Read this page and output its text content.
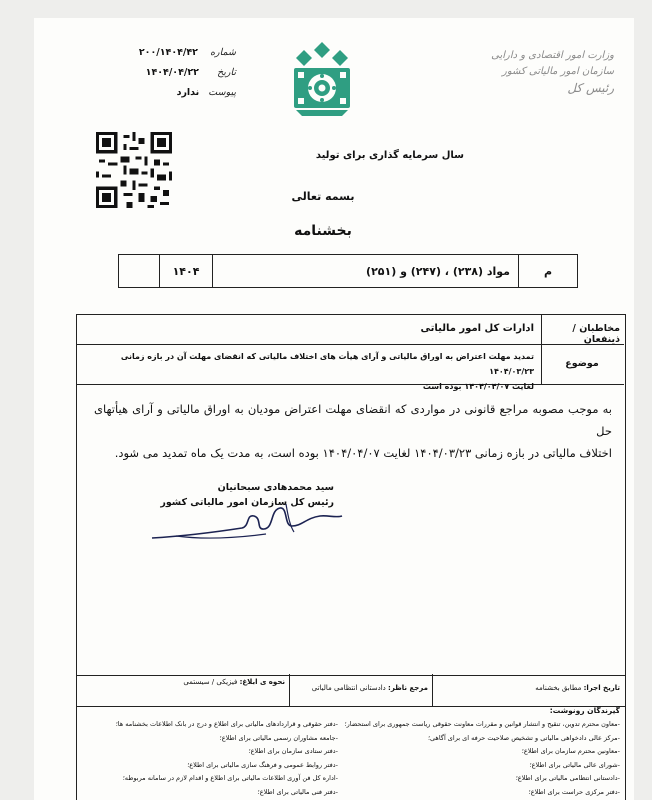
شماره    ۲۰۰/۱۴۰۴/۴۲
تاریخ      ۱۴۰۴/۰۴/۲۲
پیوست   ندارد
وزارت امور اقتصادی و دارایی
سازمان امور مالیاتی کشور
رئیس کل
سال سرمایه گذاری برای تولید
بسمه تعالی
بخشنامه
	۱۴۰۴	مواد (۲۳۸) ، (۲۴۷) و (۲۵۱)	م
مخاطبان / ذینفعان
ادارات کل امور مالیاتی
موضوع
تمدید مهلت اعتراض به اوراق مالیاتی و آرای هیأت های اختلاف مالیاتی که انقضای مهلت آن در بازه زمانی ۱۴۰۴/۰۳/۲۳
لغایت ۱۴۰۴/۰۴/۰۷ بوده است
به موجب مصوبه مراجع قانونی در مواردی که انقضای مهلت اعتراض مودیان به اوراق مالیاتی و آرای هیأتهای حل
اختلاف مالیاتی در بازه زمانی ۱۴۰۴/۰۳/۲۳ لغایت ۱۴۰۴/۰۴/۰۷ بوده است، به مدت یک ماه تمدید می شود.
سید محمدهادی سبحانیان
رئیس کل سازمان امور مالیاتی کشور
تاریخ اجرا: مطابق بخشنامه
مرجع ناظر: دادستانی انتظامی مالیاتی
نحوه ی ابلاغ: فیزیکی / سیستمی
گیرندگان رونوشت:
-معاون محترم تدوین، تنقیح و انتشار قوانین و مقررات معاونت حقوقی ریاست جمهوری برای استحضار؛
-مرکز عالی دادخواهی مالیاتی و تشخیص صلاحیت حرفه ای برای آگاهی؛
-معاونین محترم سازمان برای اطلاع؛
-شورای عالی مالیاتی برای اطلاع؛
-دادستانی انتظامی مالیاتی برای اطلاع؛
-دفتر مرکزی حراست برای اطلاع؛
-دفتر حقوقی و قراردادهای مالیاتی برای اطلاع و درج در بانک اطلاعات بخشنامه ها؛
-جامعه مشاوران رسمی مالیاتی برای اطلاع؛
-دفتر ستادی سازمان برای اطلاع؛
-دفتر روابط عمومی و فرهنگ سازی مالیاتی برای اطلاع؛
-اداره کل فن آوری اطلاعات مالیاتی برای اطلاع و اقدام لازم در سامانه مربوطه؛
-دفتر فنی مالیاتی برای اطلاع؛
